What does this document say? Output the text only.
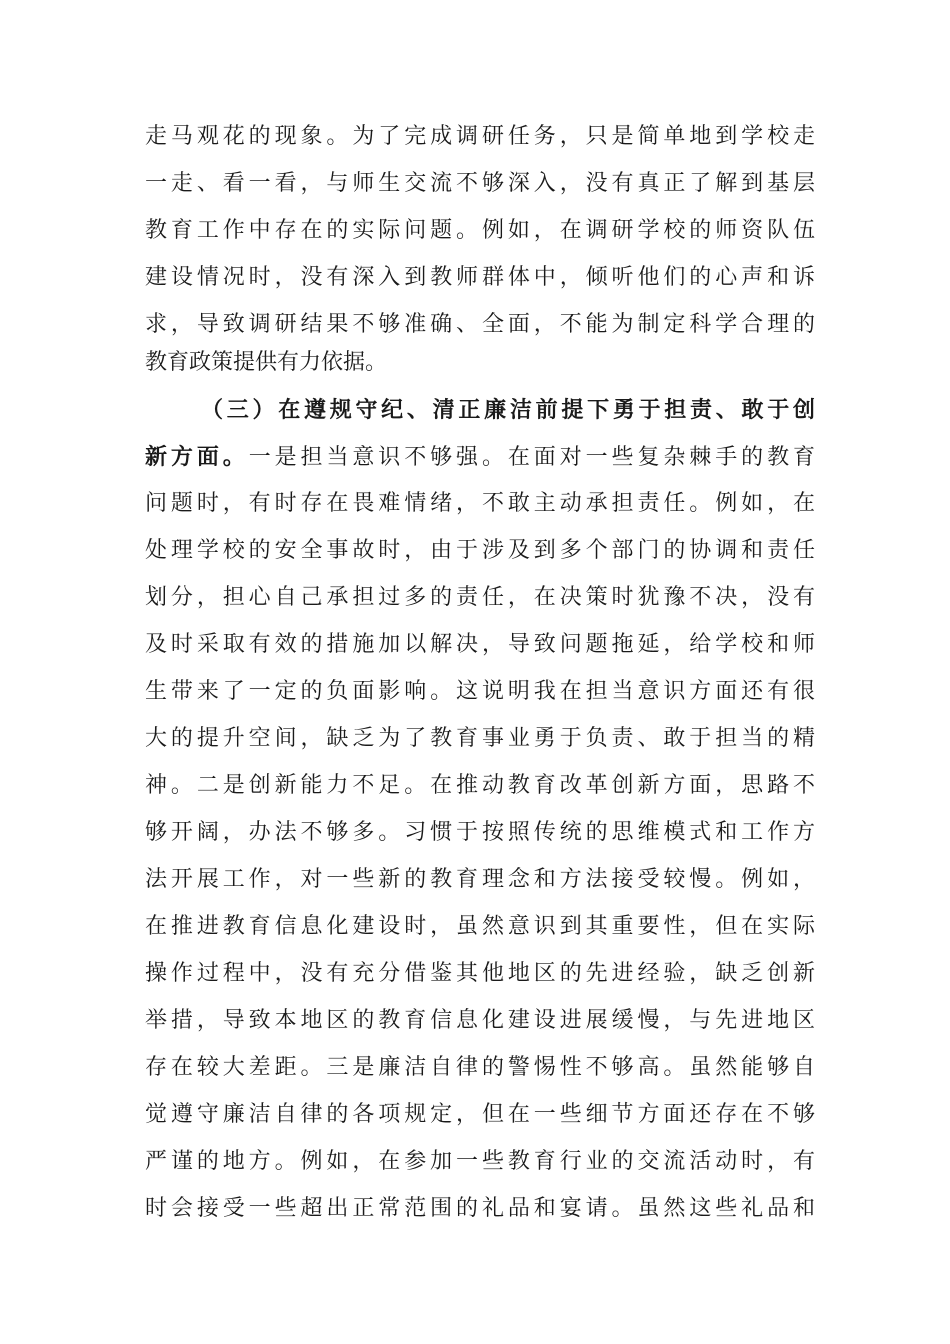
走马观花的现象。为了完成调研任务，只是简单地到学校走
一走、看一看，与师生交流不够深入，没有真正了解到基层
教育工作中存在的实际问题。例如，在调研学校的师资队伍
建设情况时，没有深入到教师群体中，倾听他们的心声和诉
求，导致调研结果不够准确、全面，不能为制定科学合理的
教育政策提供有力依据。
（三）在遵规守纪、清正廉洁前提下勇于担责、敢于创
新方面。一是担当意识不够强。在面对一些复杂棘手的教育
问题时，有时存在畏难情绪，不敢主动承担责任。例如，在
处理学校的安全事故时，由于涉及到多个部门的协调和责任
划分，担心自己承担过多的责任，在决策时犹豫不决，没有
及时采取有效的措施加以解决，导致问题拖延，给学校和师
生带来了一定的负面影响。这说明我在担当意识方面还有很
大的提升空间，缺乏为了教育事业勇于负责、敢于担当的精
神。二是创新能力不足。在推动教育改革创新方面，思路不
够开阔，办法不够多。习惯于按照传统的思维模式和工作方
法开展工作，对一些新的教育理念和方法接受较慢。例如，
在推进教育信息化建设时，虽然意识到其重要性，但在实际
操作过程中，没有充分借鉴其他地区的先进经验，缺乏创新
举措，导致本地区的教育信息化建设进展缓慢，与先进地区
存在较大差距。三是廉洁自律的警惕性不够高。虽然能够自
觉遵守廉洁自律的各项规定，但在一些细节方面还存在不够
严谨的地方。例如，在参加一些教育行业的交流活动时，有
时会接受一些超出正常范围的礼品和宴请。虽然这些礼品和
